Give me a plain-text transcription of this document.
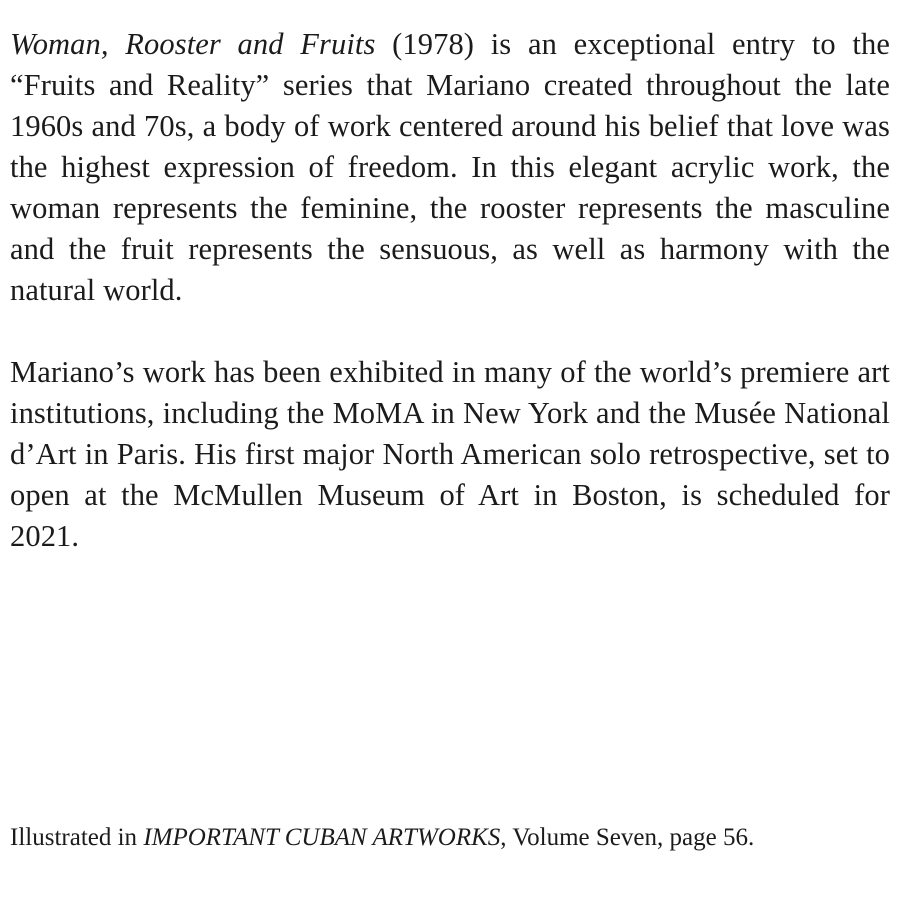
Woman, Rooster and Fruits (1978) is an exceptional entry to the “Fruits and Reality” series that Mariano created throughout the late 1960s and 70s, a body of work centered around his belief that love was the highest expression of freedom. In this elegant acrylic work, the woman represents the feminine, the rooster represents the masculine and the fruit represents the sensuous, as well as harmony with the natural world.

Mariano’s work has been exhibited in many of the world’s premiere art institutions, including the MoMA in New York and the Musée National d’Art in Paris. His first major North American solo retrospective, set to open at the McMullen Museum of Art in Boston, is scheduled for 2021.

Illustrated in IMPORTANT CUBAN ARTWORKS, Volume Seven, page 56.
